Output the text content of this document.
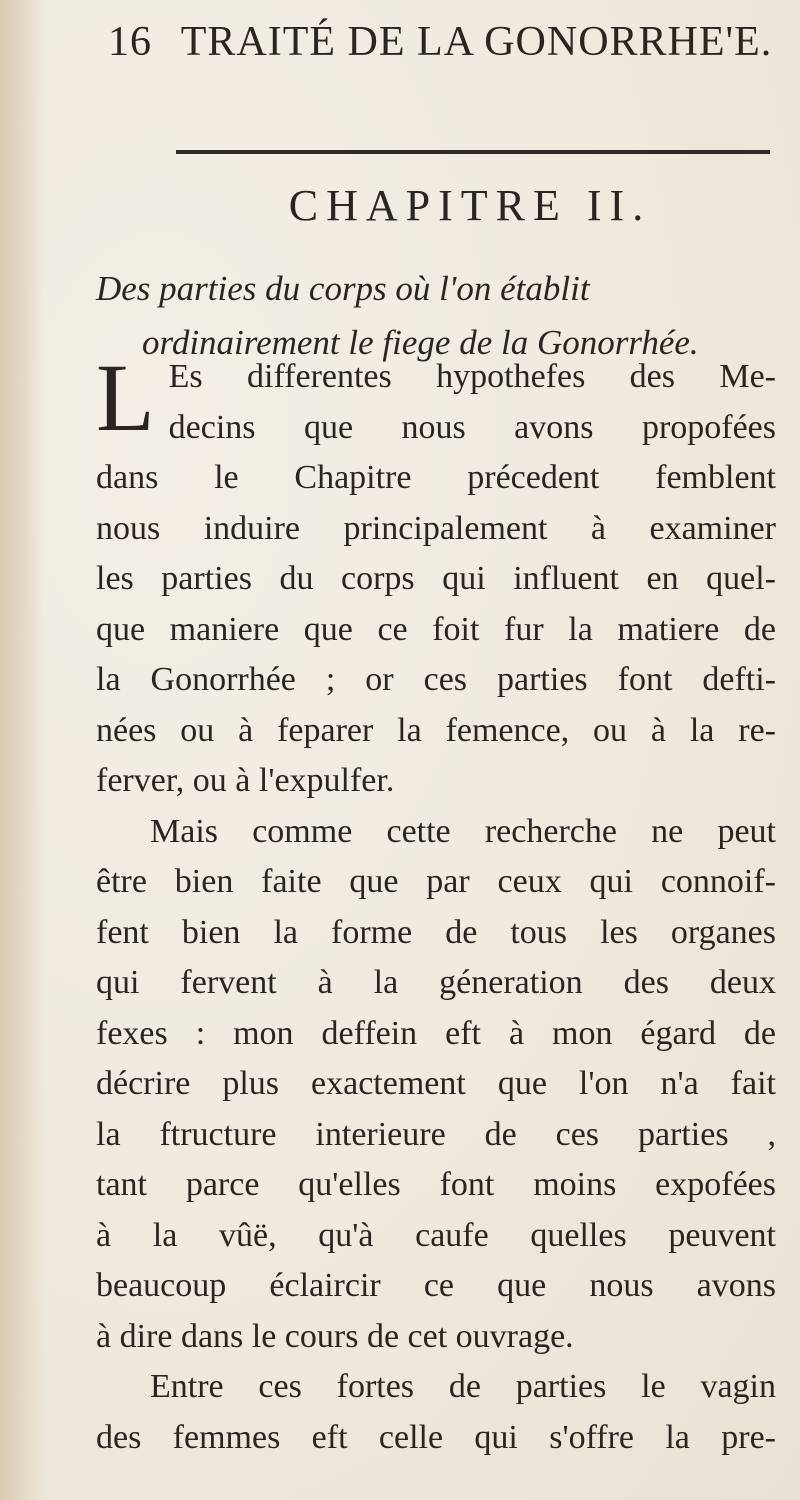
16 TRAITÉ DE LA GONORRHE'E.
CHAPITRE II.
Des parties du corps où l'on établit
ordinairement le fiege de la Gonorrhée.

L Es differentes hypothefes des Me-
decins que nous avons propofées
dans le Chapitre précedent femblent
nous induire principalement à examiner
les parties du corps qui influent en quel-
que maniere que ce foit fur la matiere de
la Gonorrhée ; or ces parties font defti-
nées ou à feparer la femence, ou à la re-
ferver, ou à l'expulfer.

Mais comme cette recherche ne peut
être bien faite que par ceux qui connoif-
fent bien la forme de tous les organes
qui fervent à la géneration des deux
fexes : mon deffein eft à mon égard de
décrire plus exactement que l'on n'a fait
la ftructure interieure de ces parties ,
tant parce qu'elles font moins expofées
à la vûë, qu'à caufe quelles peuvent
beaucoup éclaircir ce que nous avons
à dire dans le cours de cet ouvrage.

Entre ces fortes de parties le vagin
des femmes eft celle qui s'offre la pre-
